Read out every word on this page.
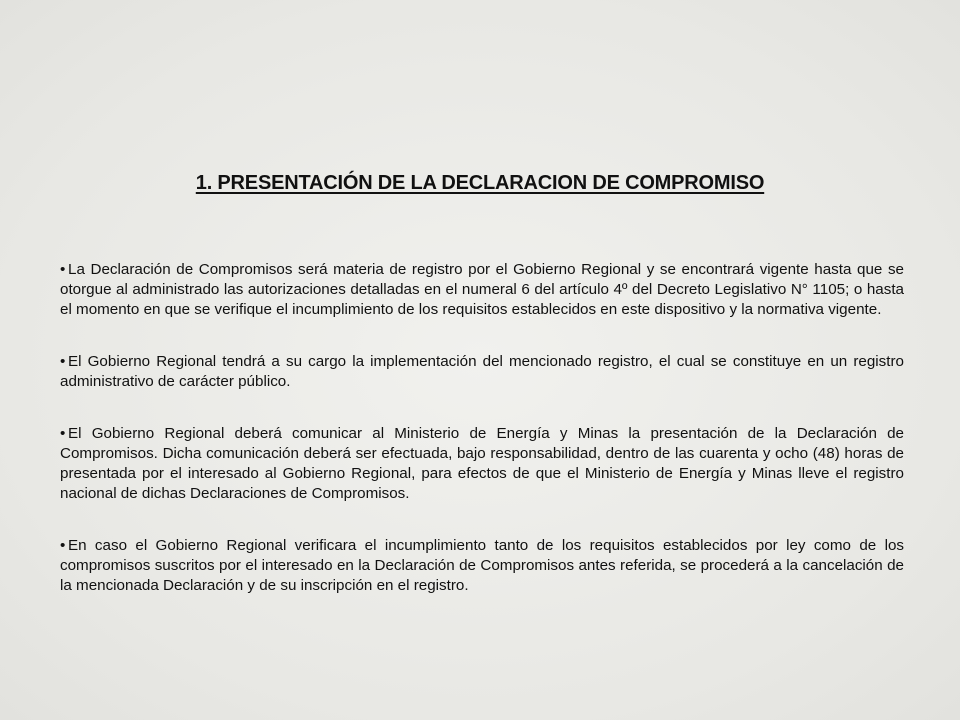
1. PRESENTACIÓN DE LA DECLARACION DE COMPROMISO

• La Declaración de Compromisos será materia de registro por el Gobierno Regional y se encontrará vigente hasta que se otorgue al administrado las autorizaciones detalladas en el numeral 6 del artículo 4º del Decreto Legislativo N° 1105; o hasta el momento en que se verifique el incumplimiento de los requisitos establecidos en este dispositivo y la normativa vigente.

• El Gobierno Regional tendrá a su cargo la implementación del mencionado registro, el cual se constituye en un registro administrativo de carácter público.

• El Gobierno Regional deberá comunicar al Ministerio de Energía y Minas la presentación de la Declaración de Compromisos. Dicha comunicación deberá ser efectuada, bajo responsabilidad, dentro de las cuarenta y ocho (48) horas de presentada por el interesado al Gobierno Regional, para efectos de que el Ministerio de Energía y Minas lleve el registro nacional de dichas Declaraciones de Compromisos.

• En caso el Gobierno Regional verificara el incumplimiento tanto de los requisitos establecidos por ley como de los compromisos suscritos por el interesado en la Declaración de Compromisos antes referida, se procederá a la cancelación de la mencionada Declaración y de su inscripción en el registro.
